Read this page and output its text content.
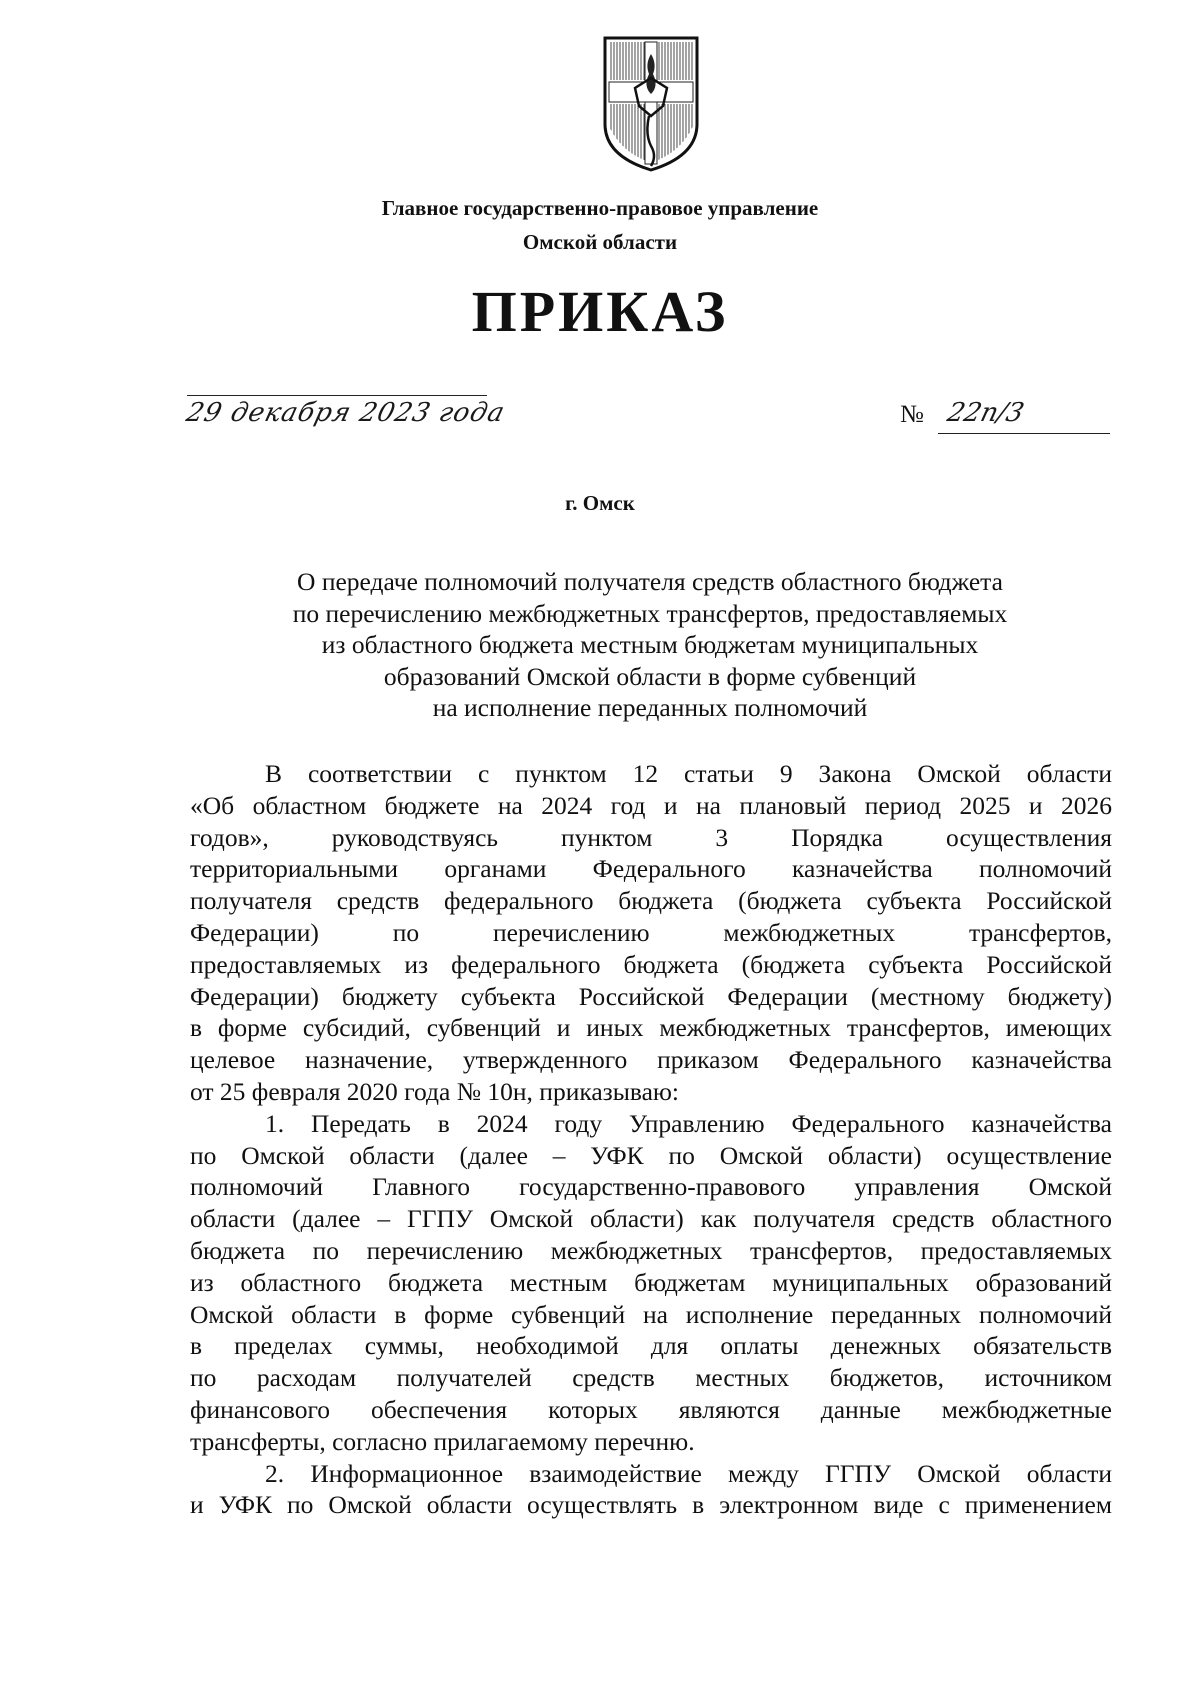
Главное государственно-правовое управление
Омской области
ПРИКАЗ
29 декабря 2023 года	№ 22п/3
г. Омск
О передаче полномочий получателя средств областного бюджета
по перечислению межбюджетных трансфертов, предоставляемых
из областного бюджета местным бюджетам муниципальных
образований Омской области в форме субвенций
на исполнение переданных полномочий
В соответствии с пунктом 12 статьи 9 Закона Омской области
«Об областном бюджете на 2024 год и на плановый период 2025 и 2026
годов», руководствуясь пунктом 3 Порядка осуществления
территориальными органами Федерального казначейства полномочий
получателя средств федерального бюджета (бюджета субъекта Российской
Федерации) по перечислению межбюджетных трансфертов,
предоставляемых из федерального бюджета (бюджета субъекта Российской
Федерации) бюджету субъекта Российской Федерации (местному бюджету)
в форме субсидий, субвенций и иных межбюджетных трансфертов, имеющих
целевое назначение, утвержденного приказом Федерального казначейства
от 25 февраля 2020 года № 10н, приказываю:
1. Передать в 2024 году Управлению Федерального казначейства
по Омской области (далее – УФК по Омской области) осуществление
полномочий Главного государственно-правового управления Омской
области (далее – ГГПУ Омской области) как получателя средств областного
бюджета по перечислению межбюджетных трансфертов, предоставляемых
из областного бюджета местным бюджетам муниципальных образований
Омской области в форме субвенций на исполнение переданных полномочий
в пределах суммы, необходимой для оплаты денежных обязательств
по расходам получателей средств местных бюджетов, источником
финансового обеспечения которых являются данные межбюджетные
трансферты, согласно прилагаемому перечню.
2. Информационное взаимодействие между ГГПУ Омской области
и УФК по Омской области осуществлять в электронном виде с применением
